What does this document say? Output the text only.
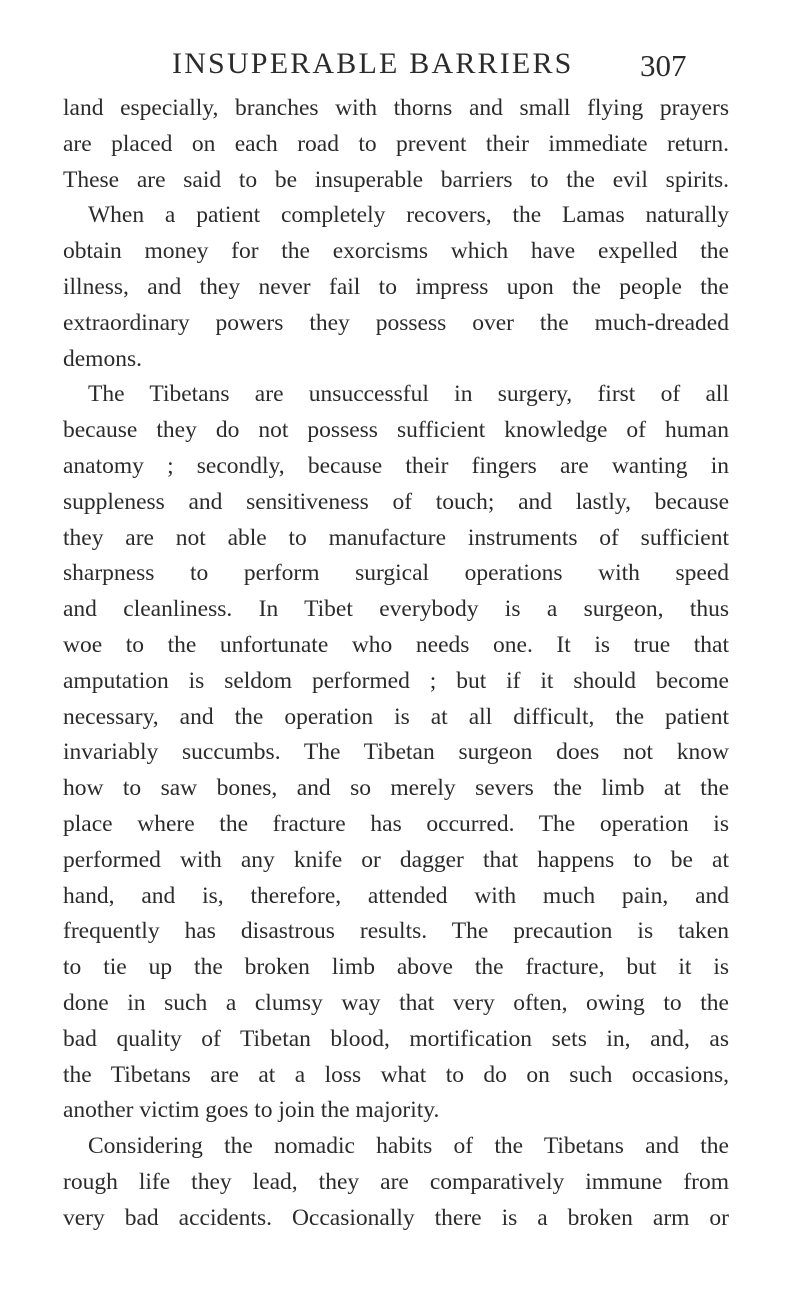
INSUPERABLE BARRIERS 307
land especially, branches with thorns and small flying prayers
are placed on each road to prevent their immediate return.
These are said to be insuperable barriers to the evil spirits.
When a patient completely recovers, the Lamas naturally
obtain money for the exorcisms which have expelled the
illness, and they never fail to impress upon the people the
extraordinary powers they possess over the much-dreaded
demons.
The Tibetans are unsuccessful in surgery, first of all
because they do not possess sufficient knowledge of human
anatomy ; secondly, because their fingers are wanting in
suppleness and sensitiveness of touch; and lastly, because
they are not able to manufacture instruments of sufficient
sharpness to perform surgical operations with speed
and cleanliness. In Tibet everybody is a surgeon, thus
woe to the unfortunate who needs one. It is true that
amputation is seldom performed ; but if it should become
necessary, and the operation is at all difficult, the patient
invariably succumbs. The Tibetan surgeon does not know
how to saw bones, and so merely severs the limb at the
place where the fracture has occurred. The operation is
performed with any knife or dagger that happens to be at
hand, and is, therefore, attended with much pain, and
frequently has disastrous results. The precaution is taken
to tie up the broken limb above the fracture, but it is
done in such a clumsy way that very often, owing to the
bad quality of Tibetan blood, mortification sets in, and, as
the Tibetans are at a loss what to do on such occasions,
another victim goes to join the majority.
Considering the nomadic habits of the Tibetans and the
rough life they lead, they are comparatively immune from
very bad accidents. Occasionally there is a broken arm or
